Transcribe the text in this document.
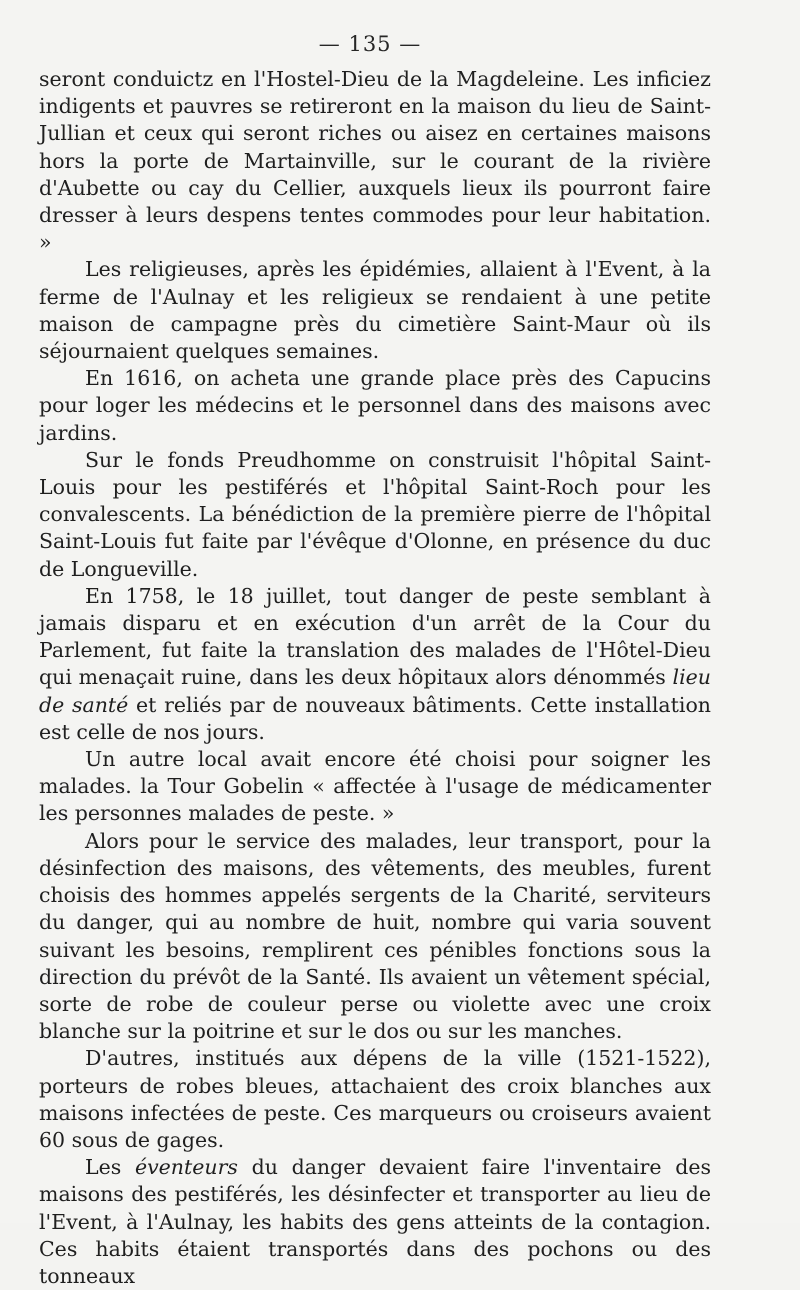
— 135 —

seront conduictz en l'Hostel-Dieu de la Magdeleine. Les inficiez indigents et pauvres se retireront en la maison du lieu de Saint-Jullian et ceux qui seront riches ou aisez en certaines maisons hors la porte de Martainville, sur le courant de la rivière d'Aubette ou cay du Cellier, auxquels lieux ils pourront faire dresser à leurs despens tentes commodes pour leur habitation. »

Les religieuses, après les épidémies, allaient à l'Event, à la ferme de l'Aulnay et les religieux se rendaient à une petite maison de campagne près du cimetière Saint-Maur où ils séjournaient quelques semaines.

En 1616, on acheta une grande place près des Capucins pour loger les médecins et le personnel dans des maisons avec jardins.

Sur le fonds Preudhomme on construisit l'hôpital Saint-Louis pour les pestiférés et l'hôpital Saint-Roch pour les convalescents. La bénédiction de la première pierre de l'hôpital Saint-Louis fut faite par l'évêque d'Olonne, en présence du duc de Longueville.

En 1758, le 18 juillet, tout danger de peste semblant à jamais disparu et en exécution d'un arrêt de la Cour du Parlement, fut faite la translation des malades de l'Hôtel-Dieu qui menaçait ruine, dans les deux hôpitaux alors dénommés lieu de santé et reliés par de nouveaux bâtiments. Cette installation est celle de nos jours.

Un autre local avait encore été choisi pour soigner les malades. la Tour Gobelin « affectée à l'usage de médicamenter les personnes malades de peste. »

Alors pour le service des malades, leur transport, pour la désinfection des maisons, des vêtements, des meubles, furent choisis des hommes appelés sergents de la Charité, serviteurs du danger, qui au nombre de huit, nombre qui varia souvent suivant les besoins, remplirent ces pénibles fonctions sous la direction du prévôt de la Santé. Ils avaient un vêtement spécial, sorte de robe de couleur perse ou violette avec une croix blanche sur la poitrine et sur le dos ou sur les manches.

D'autres, institués aux dépens de la ville (1521-1522), porteurs de robes bleues, attachaient des croix blanches aux maisons infectées de peste. Ces marqueurs ou croiseurs avaient 60 sous de gages.

Les éventeurs du danger devaient faire l'inventaire des maisons des pestiférés, les désinfecter et transporter au lieu de l'Event, à l'Aulnay, les habits des gens atteints de la contagion. Ces habits étaient transportés dans des pochons ou des tonneaux
